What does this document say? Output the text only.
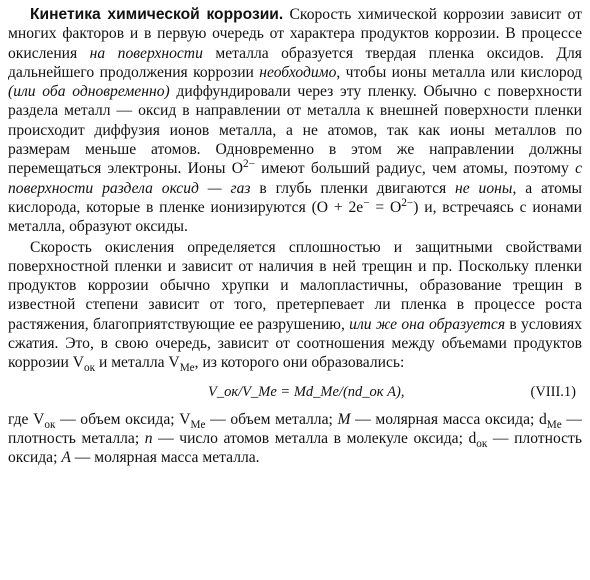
Кинетика химической коррозии. Скорость химической коррозии зависит от многих факторов и в первую очередь от характера продуктов коррозии. В процессе окисления на поверхности металла образуется твердая пленка оксидов. Для дальнейшего продолжения коррозии необходимо, чтобы ионы металла или кислород (или оба одновременно) диффундировали через эту пленку. Обычно с поверхности раздела металл — оксид в направлении от металла к внешней поверхности пленки происходит диффузия ионов металла, а не атомов, так как ионы металлов по размерам меньше атомов. Одновременно в этом же направлении должны перемещаться электроны. Ионы $O^{2-}$ имеют больший радиус, чем атомы, поэтому с поверхности раздела оксид — газ в глубь пленки двигаются не ионы, а атомы кислорода, которые в пленке ионизируются $(O + 2e^- = O^{2-})$ и, встречаясь с ионами металла, образуют оксиды.

Скорость окисления определяется сплошностью и защитными свойствами поверхностной пленки и зависит от наличия в ней трещин и пр. Поскольку пленки продуктов коррозии обычно хрупки и малопластичны, образование трещин в известной степени зависит от того, претерпевает ли пленка в процессе роста растяжения, благоприятствующие ее разрушению, или же она образуется в условиях сжатия. Это, в свою очередь, зависит от соотношения между объемами продуктов коррозии $V_{ок}$ и металла $V_{Me}$, из которого они образовались:

V_ок/V_Me = Md_Me/(nd_ок A),	(VIII.1)

где $V_{ок}$ — объем оксида; $V_{Me}$ — объем металла; M — молярная масса оксида; $d_{Me}$ — плотность металла; n — число атомов металла в молекуле оксида; $d_{ок}$ — плотность оксида; A — молярная масса металла.
